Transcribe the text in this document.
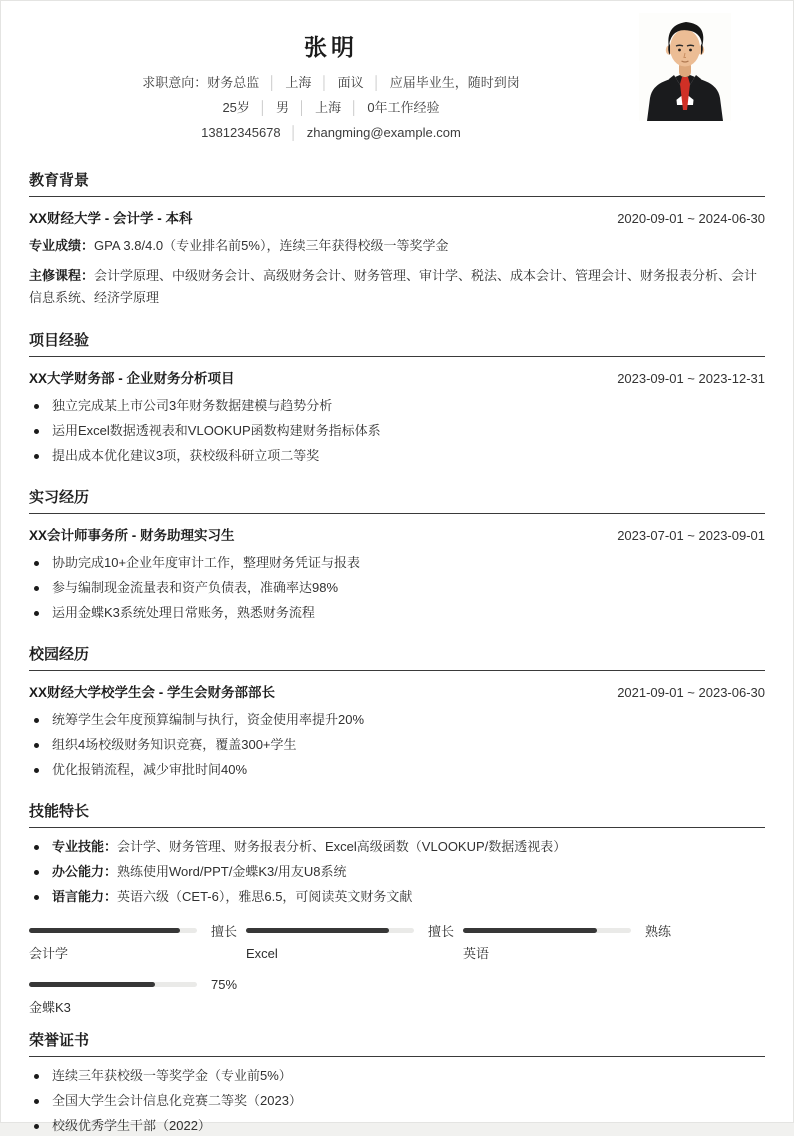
张明
求职意向：财务总监 │ 上海 │ 面议 │ 应届毕业生，随时到岗
25岁 │ 男 │ 上海 │ 0年工作经验
13812345678 │ zhangming@example.com
教育背景
XX财经大学 - 会计学 - 本科	2020-09-01 ~ 2024-06-30
专业成绩：GPA 3.8/4.0（专业排名前5%），连续三年获得校级一等奖学金
主修课程：会计学原理、中级财务会计、高级财务会计、财务管理、审计学、税法、成本会计、管理会计、财务报表分析、会计信息系统、经济学原理
项目经验
XX大学财务部 - 企业财务分析项目	2023-09-01 ~ 2023-12-31
独立完成某上市公司3年财务数据建模与趋势分析
运用Excel数据透视表和VLOOKUP函数构建财务指标体系
提出成本优化建议3项，获校级科研立项二等奖
实习经历
XX会计师事务所 - 财务助理实习生	2023-07-01 ~ 2023-09-01
协助完成10+企业年度审计工作，整理财务凭证与报表
参与编制现金流量表和资产负债表，准确率达98%
运用金蝶K3系统处理日常账务，熟悉财务流程
校园经历
XX财经大学校学生会 - 学生会财务部部长	2021-09-01 ~ 2023-06-30
统筹学生会年度预算编制与执行，资金使用率提升20%
组织4场校级财务知识竞赛，覆盖300+学生
优化报销流程，减少审批时间40%
技能特长
专业技能：会计学、财务管理、财务报表分析、Excel高级函数（VLOOKUP/数据透视表）
办公能力：熟练使用Word/PPT/金蝶K3/用友U8系统
语言能力：英语六级（CET-6），雅思6.5，可阅读英文财务文献
擅长
会计学
擅长
Excel
熟练
英语
75%
金蝶K3
荣誉证书
连续三年获校级一等奖学金（专业前5%）
全国大学生会计信息化竞赛二等奖（2023）
校级优秀学生干部（2022）
